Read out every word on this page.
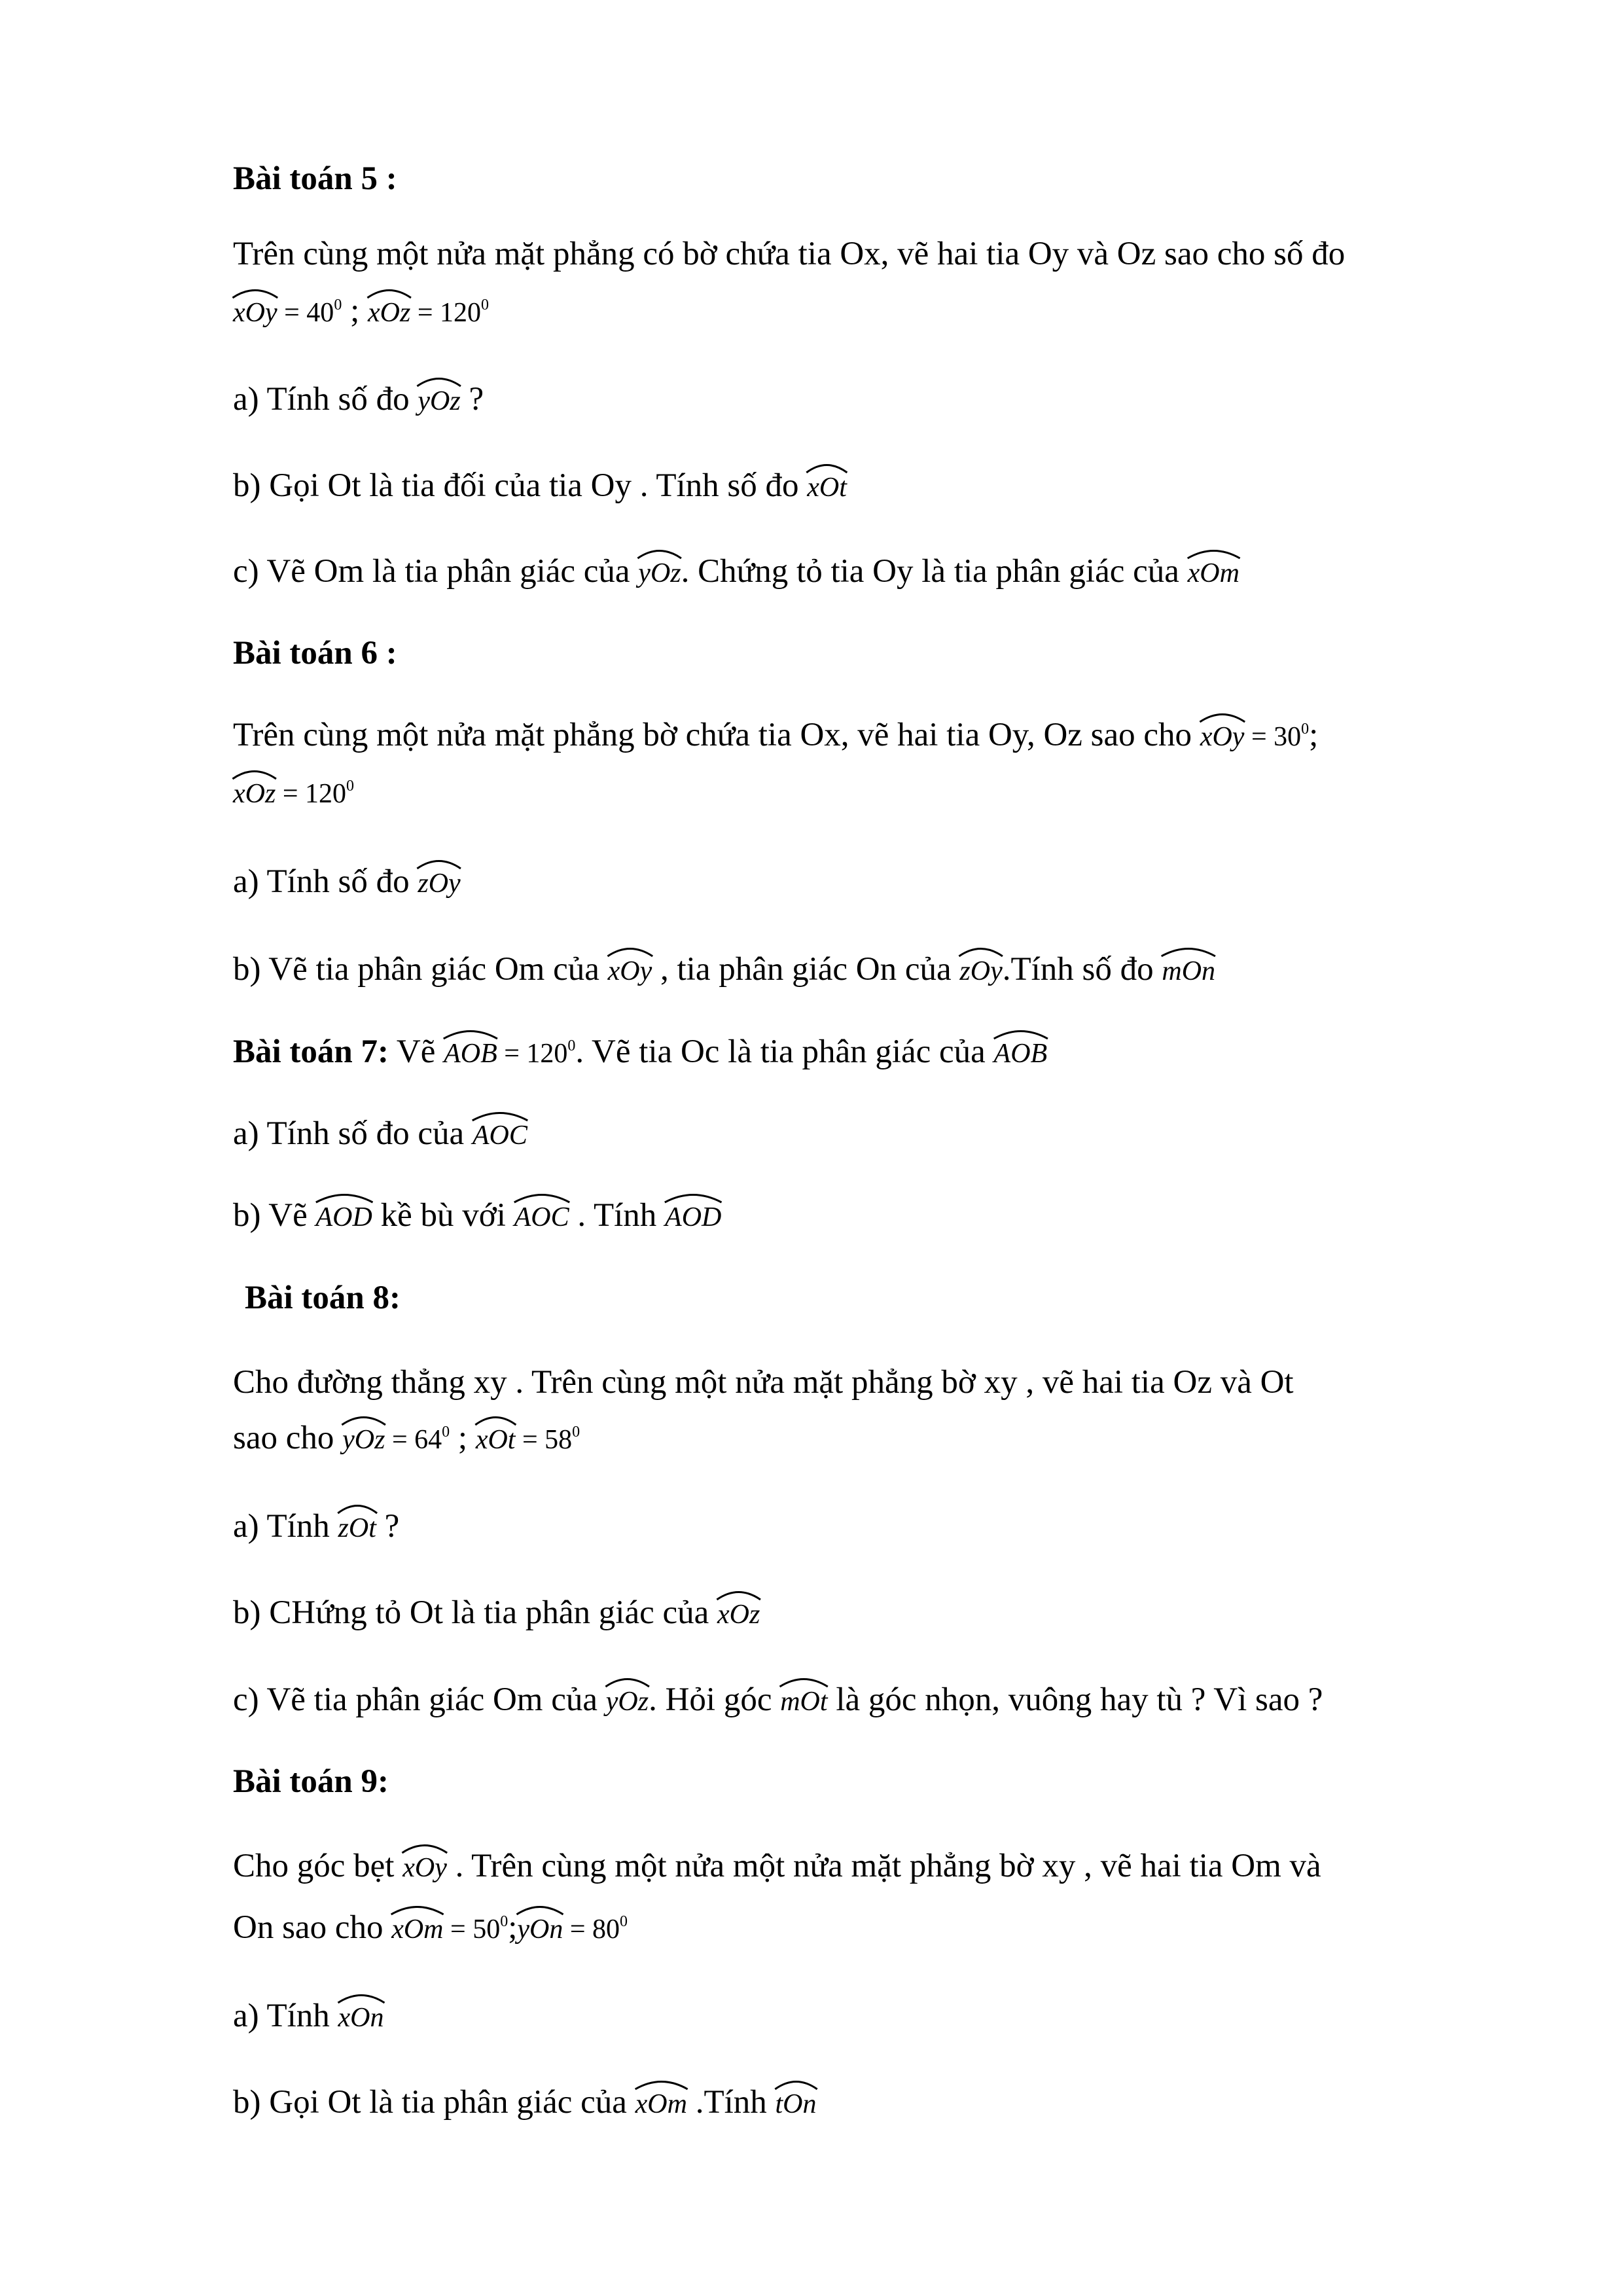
Bài toán 5 :
Trên cùng một nửa mặt phẳng có bờ chứa tia Ox, vẽ hai tia Oy và Oz sao cho số đo
xOy
= $40^0$ ; xOz
= $120^0$
a) Tính số đo yOz
?
b) Gọi Ot là tia đối của tia Oy . Tính số đo xOt
c) Vẽ Om là tia phân giác của yOz
. Chứng tỏ tia Oy là tia phân giác của xOm
Bài toán 6 :
Trên cùng một nửa mặt phẳng bờ chứa tia Ox, vẽ hai tia Oy, Oz sao cho xOy
= $30^0$;
xOz
= $120^0$
a) Tính số đo zOy
b) Vẽ tia phân giác Om của xOy
, tia phân giác On của zOy
.Tính số đo mOn
Bài toán 7: Vẽ AOB
= $120^0$. Vẽ tia Oc là tia phân giác của AOB
a) Tính số đo của AOC
b) Vẽ AOD
kề bù với AOC
. Tính AOD
Bài toán 8:
Cho đường thẳng xy . Trên cùng một nửa mặt phẳng bờ xy , vẽ hai tia Oz và Ot
sao cho yOz
= $64^0$ ; xOt
= $58^0$
a) Tính zOt
?
b) CHứng tỏ Ot là tia phân giác của xOz
c) Vẽ tia phân giác Om của yOz
. Hỏi góc mOt
là góc nhọn, vuông hay tù ? Vì sao ?
Bài toán 9:
Cho góc bẹt xOy
. Trên cùng một nửa một nửa mặt phẳng bờ xy , vẽ hai tia Om và
On sao cho xOm
= $50^0;yOn$
= $80^0$
a) Tính xOn
b) Gọi Ot là tia phân giác của xOm
.Tính tOn
